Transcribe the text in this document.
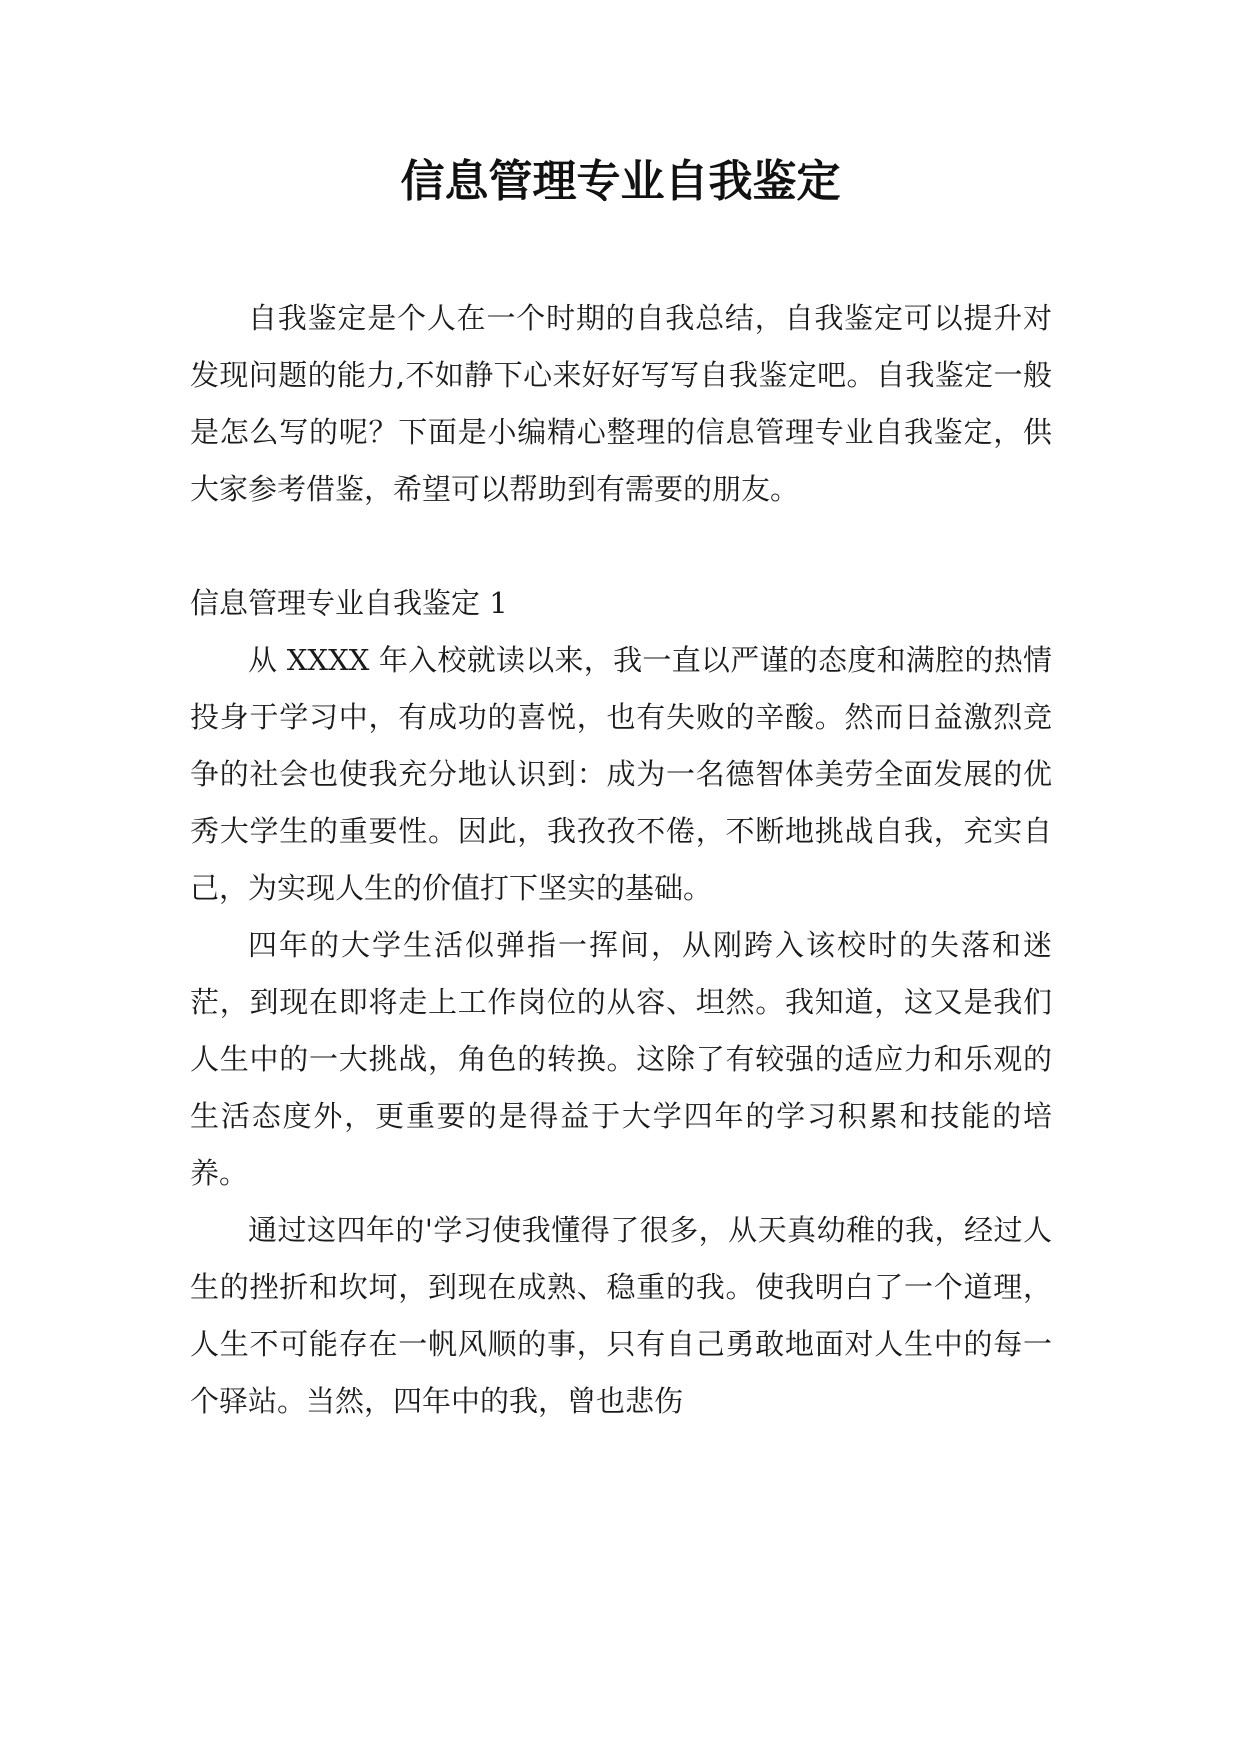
信息管理专业自我鉴定

自我鉴定是个人在一个时期的自我总结，自我鉴定可以提升对发现问题的能力,不如静下心来好好写写自我鉴定吧。自我鉴定一般是怎么写的呢？下面是小编精心整理的信息管理专业自我鉴定，供大家参考借鉴，希望可以帮助到有需要的朋友。

信息管理专业自我鉴定 1

从 XXXX 年入校就读以来，我一直以严谨的态度和满腔的热情投身于学习中，有成功的喜悦，也有失败的辛酸。然而日益激烈竞争的社会也使我充分地认识到：成为一名德智体美劳全面发展的优秀大学生的重要性。因此，我孜孜不倦，不断地挑战自我，充实自己，为实现人生的价值打下坚实的基础。

四年的大学生活似弹指一挥间，从刚跨入该校时的失落和迷茫，到现在即将走上工作岗位的从容、坦然。我知道，这又是我们人生中的一大挑战，角色的转换。这除了有较强的适应力和乐观的生活态度外，更重要的是得益于大学四年的学习积累和技能的培养。

通过这四年的'学习使我懂得了很多，从天真幼稚的我，经过人生的挫折和坎坷，到现在成熟、稳重的我。使我明白了一个道理，人生不可能存在一帆风顺的事，只有自己勇敢地面对人生中的每一个驿站。当然，四年中的我，曾也悲伤
